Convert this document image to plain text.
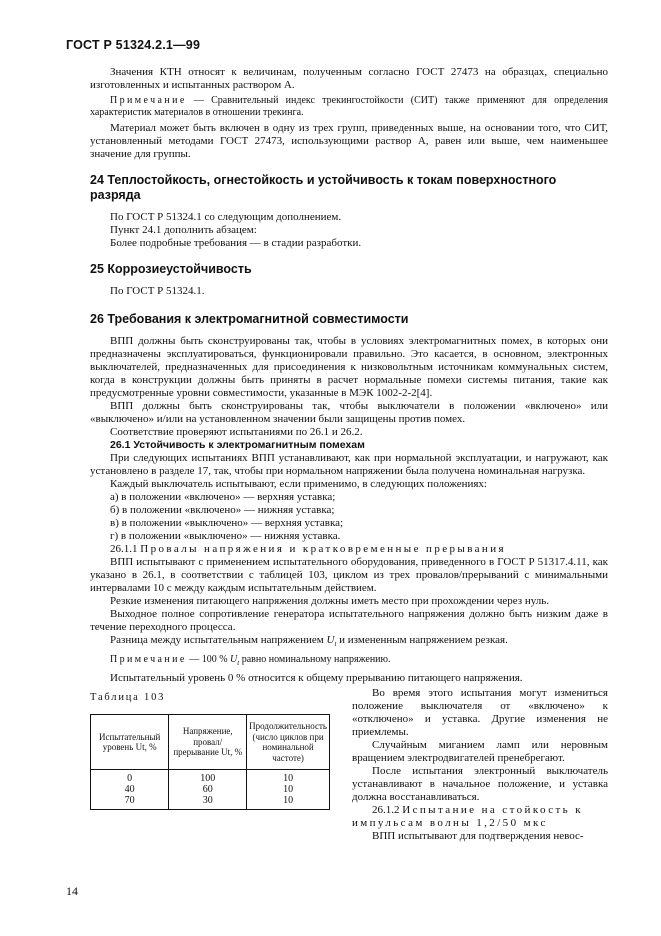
ГОСТ Р 51324.2.1—99

Значения КТН относят к величинам, полученным согласно ГОСТ 27473 на образцах, специально изготовленных и испытанных раствором А.

Примечание — Сравнительный индекс трекингостойкости (СИТ) также применяют для определения характеристик материалов в отношении трекинга.

Материал может быть включен в одну из трех групп, приведенных выше, на основании того, что СИТ, установленный методами ГОСТ 27473, использующими раствор А, равен или выше, чем наименьшее значение для группы.

24 Теплостойкость, огнестойкость и устойчивость к токам поверхностного разряда

По ГОСТ Р 51324.1 со следующим дополнением.

Пункт 24.1 дополнить абзацем:

Более подробные требования — в стадии разработки.

25 Коррозиеустойчивость

По ГОСТ Р 51324.1.

26 Требования к электромагнитной совместимости

ВПП должны быть сконструированы так, чтобы в условиях электромагнитных помех, в которых они предназначены эксплуатироваться, функционировали правильно. Это касается, в основном, электронных выключателей, предназначенных для присоединения к низковольтным источникам коммунальных систем, когда в конструкции должны быть приняты в расчет нормальные помехи системы питания, такие как предусмотренные уровни совместимости, указанные в МЭК 1002-2-2[4].

ВПП должны быть сконструированы так, чтобы выключатели в положении «включено» или «выключено» и/или на установленном значении были защищены против помех.

Соответствие проверяют испытаниями по 26.1 и 26.2.

26.1 Устойчивость к электромагнитным помехам

При следующих испытаниях ВПП устанавливают, как при нормальной эксплуатации, и нагружают, как установлено в разделе 17, так, чтобы при нормальном напряжении была получена номинальная нагрузка.

Каждый выключатель испытывают, если применимо, в следующих положениях:

а) в положении «включено» — верхняя уставка;

б) в положении «включено» — нижняя уставка;

в) в положении «выключено» — верхняя уставка;

г) в положении «выключено» — нижняя уставка.

26.1.1 Провалы напряжения и кратковременные прерывания

ВПП испытывают с применением испытательного оборудования, приведенного в ГОСТ Р 51317.4.11, как указано в 26.1, в соответствии с таблицей 103, циклом из трех провалов/прерываний с минимальными интервалами 10 с между каждым испытательным действием.

Резкие изменения питающего напряжения должны иметь место при прохождении через нуль.

Выходное полное сопротивление генератора испытательного напряжения должно быть низким даже в течение переходного процесса.

Разница между испытательным напряжением $U_t$ и измененным напряжением резкая.

Примечание — 100 % $U_t$ равно номинальному напряжению.

Испытательный уровень 0 % относится к общему прерыванию питающего напряжения.

Таблица 103
Испытательный уровень Ut, %	Напряжение, провал/прерывание Ut, %	Продолжительность (число циклов при номинальной частоте)
0	100	10
40	60	10
70	30	10

Во время этого испытания могут измениться положение выключателя от «включено» к «отключено» и уставка. Другие изменения не приемлемы.

Случайным миганием ламп или неровным вращением электродвигателей пренебрегают.

После испытания электронный выключатель устанавливают в начальное положение, и уставка должна восстанавливаться.

26.1.2 Испытание на стойкость к импульсам волны 1,2/50 мкс

ВПП испытывают для подтверждения невос-

14
